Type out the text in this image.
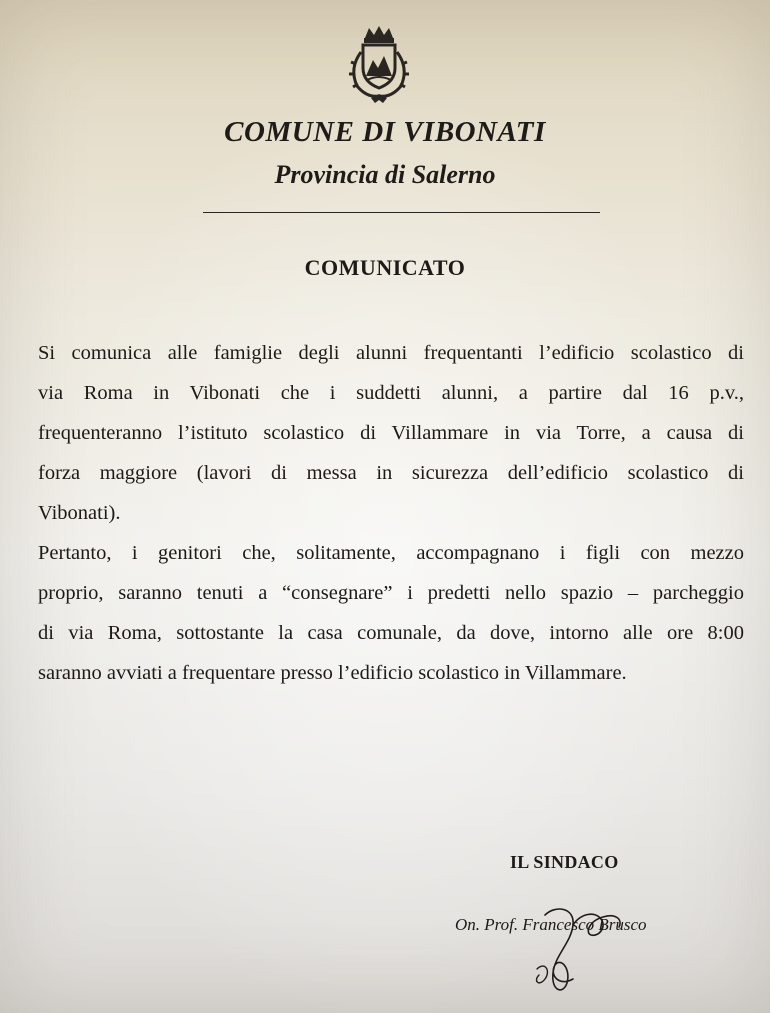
COMUNE DI VIBONATI
Provincia di Salerno
COMUNICATO
Si comunica alle famiglie degli alunni frequentanti l’edificio scolastico di
via Roma in Vibonati che i suddetti alunni, a partire dal 16 p.v.,
frequenteranno l’istituto scolastico di Villammare in via Torre, a causa di
forza maggiore (lavori di messa in sicurezza dell’edificio scolastico di
Vibonati).
Pertanto, i genitori che, solitamente, accompagnano i figli con mezzo
proprio, saranno tenuti a “consegnare” i predetti nello spazio – parcheggio
di via Roma, sottostante la casa comunale, da dove, intorno alle ore 8:00
saranno avviati a frequentare presso l’edificio scolastico in Villammare.
IL SINDACO
On. Prof. Francesco Brusco
